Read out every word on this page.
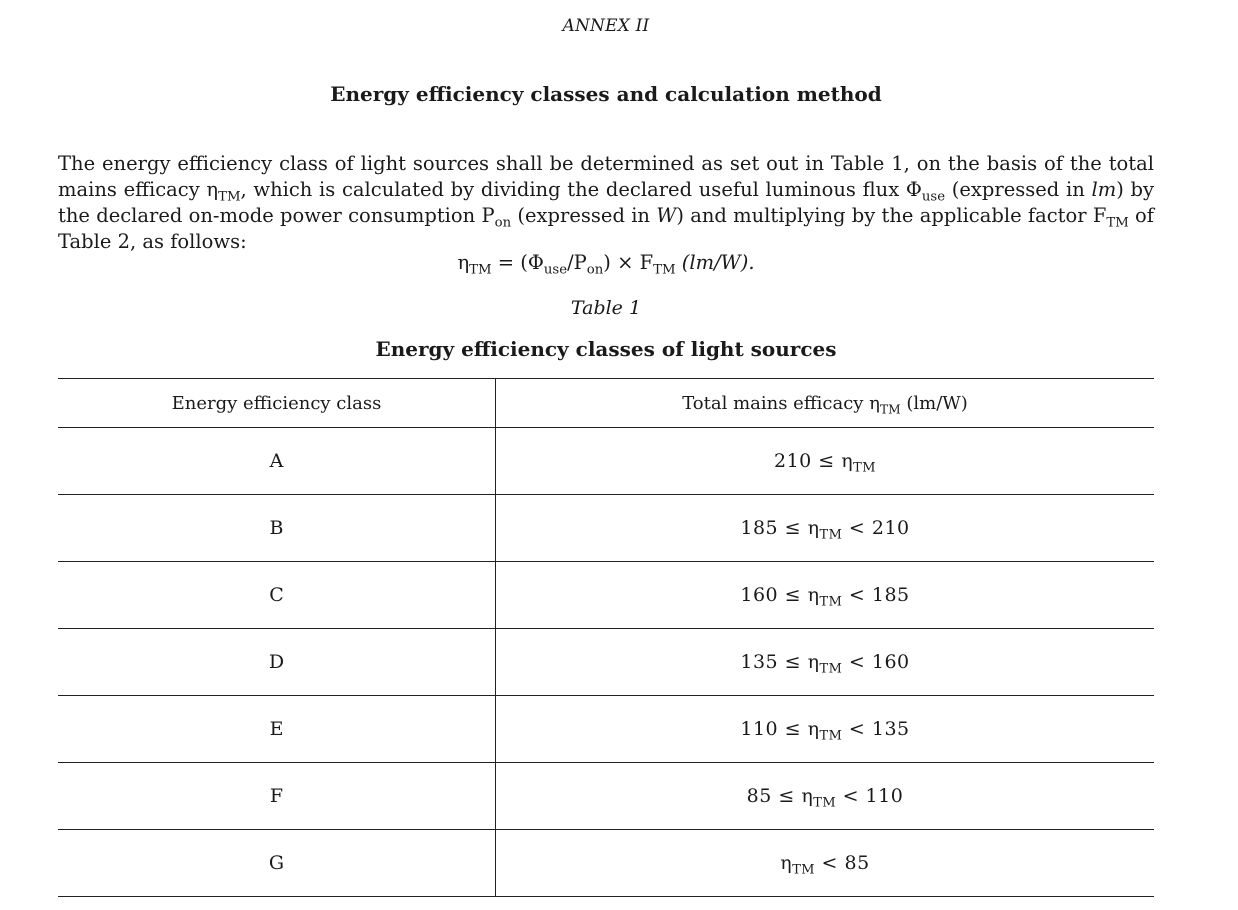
ANNEX II
Energy efficiency classes and calculation method

The energy efficiency class of light sources shall be determined as set out in Table 1, on the basis of the total mains efficacy $\eta_{TM}$, which is calculated by dividing the declared useful luminous flux $\Phi_{use}$ (expressed in lm) by the declared on-mode power consumption $P_{on}$ (expressed in W) and multiplying by the applicable factor $F_{TM}$ of Table 2, as follows:

$\eta_{TM} = (\Phi_{use}/P_{on}) \times F_{TM}$ (lm/W).
Table 1
Energy efficiency classes of light sources
Energy efficiency class	Total mains efficacy $\eta_{TM}$ (lm/W)
A	$210 \le \eta_{TM}$
B	$185 \le \eta_{TM} < 210$
C	$160 \le \eta_{TM} < 185$
D	$135 \le \eta_{TM} < 160$
E	$110 \le \eta_{TM} < 135$
F	$85 \le \eta_{TM} < 110$
G	$\eta_{TM} < 85$
